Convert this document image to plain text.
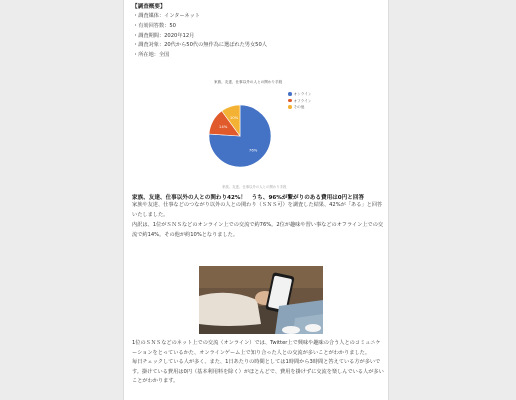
【調査概要】
・調査媒体：インターネット
・有効回答数：50
・調査期間：2020年12月
・調査対象：20代から50代の無作為に選ばれた男女50人
・所在地：全国
家族、友達、仕事以外の人との関わり手段
76%
14%
10%
オンライン
オフライン
その他
家族、友達、仕事以外の人との関わり手段
家族、友達、仕事以外の人との関わり42%！　うち、96%が繋がりのある費用は0円と回答
家族や友達、仕事などのつながり以外の人との関わり（ＳＮＳ可）を調査した結果、42%が「ある」と回答いたしました。
内訳は、1位がＳＮＳなどのオンライン上での交流で約76%。2位が趣味や習い事などのオフライン上での交流で約14%。その他が約10%となりました。
1位のＳＮＳなどのネット上での交流（オンライン）では、Twitter上で興味や趣味の合う人とのコミュニケーションをとっているかた、オンラインゲーム上で知り合った人との交流が多いことがわかりました。
毎日チェックしている人が多く、また、1日あたりの時間としては1時間から3時間と答えている方が多いです。掛けている費用は0円（基本利用料を除く）がほとんどで、費用を掛けずに交流を楽しんでいる人が多いことがわかります。
